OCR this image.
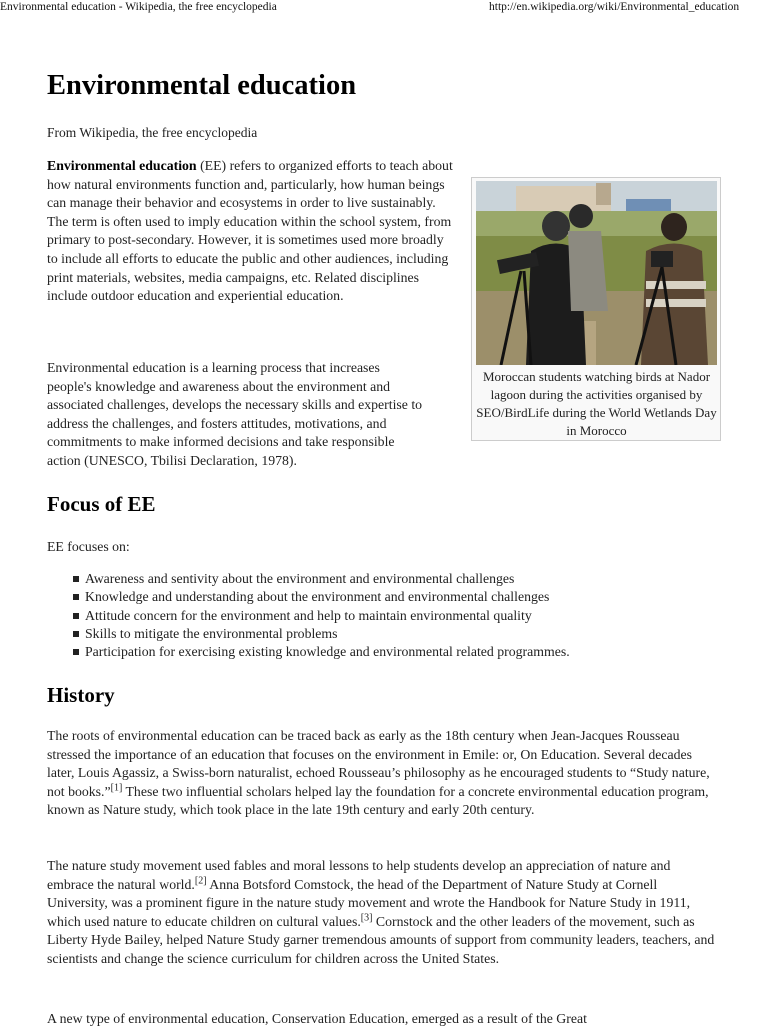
Environmental education - Wikipedia, the free encyclopedia	http://en.wikipedia.org/wiki/Environmental_education
Environmental education

From Wikipedia, the free encyclopedia

Environmental education (EE) refers to organized efforts to teach about how natural environments function and, particularly, how human beings can manage their behavior and ecosystems in order to live sustainably. The term is often used to imply education within the school system, from primary to post-secondary. However, it is sometimes used more broadly to include all efforts to educate the public and other audiences, including print materials, websites, media campaigns, etc. Related disciplines include outdoor education and experiential education.

Environmental education is a learning process that increases people's knowledge and awareness about the environment and associated challenges, develops the necessary skills and expertise to address the challenges, and fosters attitudes, motivations, and commitments to make informed decisions and take responsible action (UNESCO, Tbilisi Declaration, 1978).

Focus of EE

EE focuses on:

Awareness and sentivity about the environment and environmental challenges
Knowledge and understanding about the environment and environmental challenges
Attitude concern for the environment and help to maintain environmental quality
Skills to mitigate the environmental problems
Participation for exercising existing knowledge and environmental related programmes.
History

The roots of environmental education can be traced back as early as the 18th century when Jean-Jacques Rousseau stressed the importance of an education that focuses on the environment in Emile: or, On Education. Several decades later, Louis Agassiz, a Swiss-born naturalist, echoed Rousseau’s philosophy as he encouraged students to “Study nature, not books.”[1] These two influential scholars helped lay the foundation for a concrete environmental education program, known as Nature study, which took place in the late 19th century and early 20th century.

The nature study movement used fables and moral lessons to help students develop an appreciation of nature and embrace the natural world.[2] Anna Botsford Comstock, the head of the Department of Nature Study at Cornell University, was a prominent figure in the nature study movement and wrote the Handbook for Nature Study in 1911, which used nature to educate children on cultural values.[3] Cornstock and the other leaders of the movement, such as Liberty Hyde Bailey, helped Nature Study garner tremendous amounts of support from community leaders, teachers, and scientists and change the science curriculum for children across the United States.

A new type of environmental education, Conservation Education, emerged as a result of the Great

Moroccan students watching birds at Nador lagoon during the activities organised by SEO/BirdLife during the World Wetlands Day in Morocco
